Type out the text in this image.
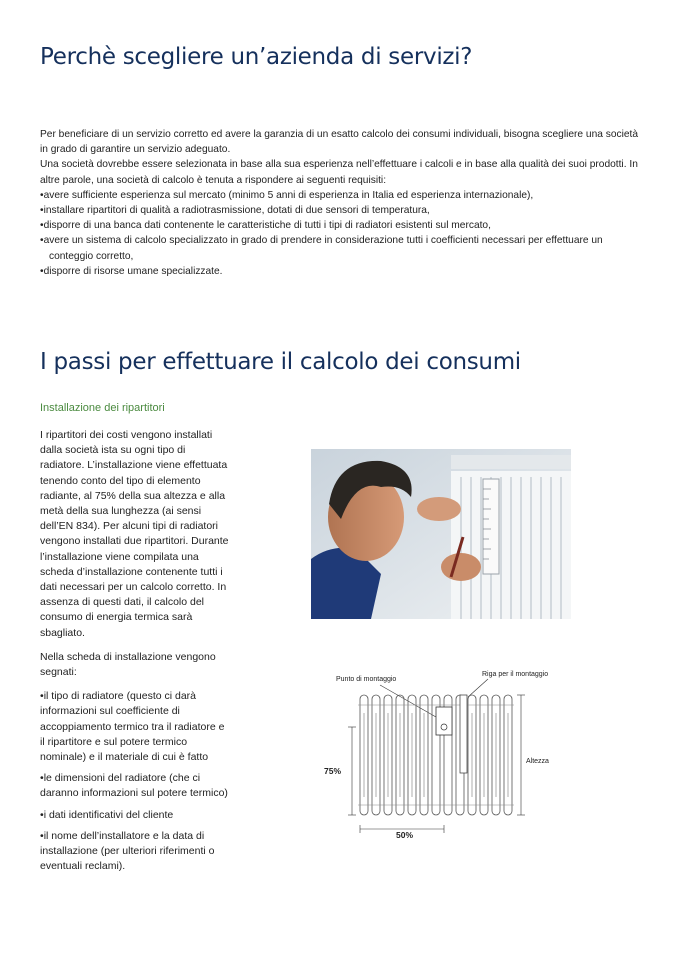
Perchè scegliere un’azienda di servizi?

Per beneficiare di un servizio corretto ed avere la garanzia di un esatto calcolo dei consumi individuali, bisogna scegliere una società in grado di garantire un servizio adeguato.

Una società dovrebbe essere selezionata in base alla sua esperienza nell’effettuare i calcoli e in base alla qualità dei suoi prodotti. In altre parole, una società di calcolo è tenuta a rispondere ai seguenti requisiti:

• avere sufficiente esperienza sul mercato (minimo 5 anni di esperienza in Italia ed esperienza internazionale),
• installare ripartitori di qualità a radiotrasmissione, dotati di due sensori di temperatura,
• disporre di una banca dati contenente le caratteristiche di tutti i tipi di radiatori esistenti sul mercato,
• avere un sistema di calcolo specializzato in grado di prendere in considerazione tutti i coefficienti necessari per effettuare un conteggio corretto,
• disporre di risorse umane specializzate.
I passi per effettuare il calcolo dei consumi
Installazione dei ripartitori

I ripartitori dei costi vengono installati dalla società ista su ogni tipo di radiatore. L’installazione viene effettuata tenendo conto del tipo di elemento radiante, al 75% della sua altezza e alla metà della sua lunghezza (ai sensi dell’EN 834). Per alcuni tipi di radiatori vengono installati due ripartitori. Durante l’installazione viene compilata una scheda d’installazione contenente tutti i dati necessari per un calcolo corretto. In assenza di questi dati, il calcolo del consumo di energia termica sarà sbagliato.

Nella scheda di installazione vengono segnati:

• il tipo di radiatore (questo ci darà informazioni sul coefficiente di accoppiamento termico tra il radiatore e il ripartitore e sul potere termico nominale) e il materiale di cui è fatto
• le dimensioni del radiatore (che ci daranno informazioni sul potere termico)
• i dati identificativi del cliente
• il nome dell’installatore e la data di installazione (per ulteriori riferimenti o eventuali reclami).
Punto di montaggio
Riga per il montaggio
Altezza
75%
50%
